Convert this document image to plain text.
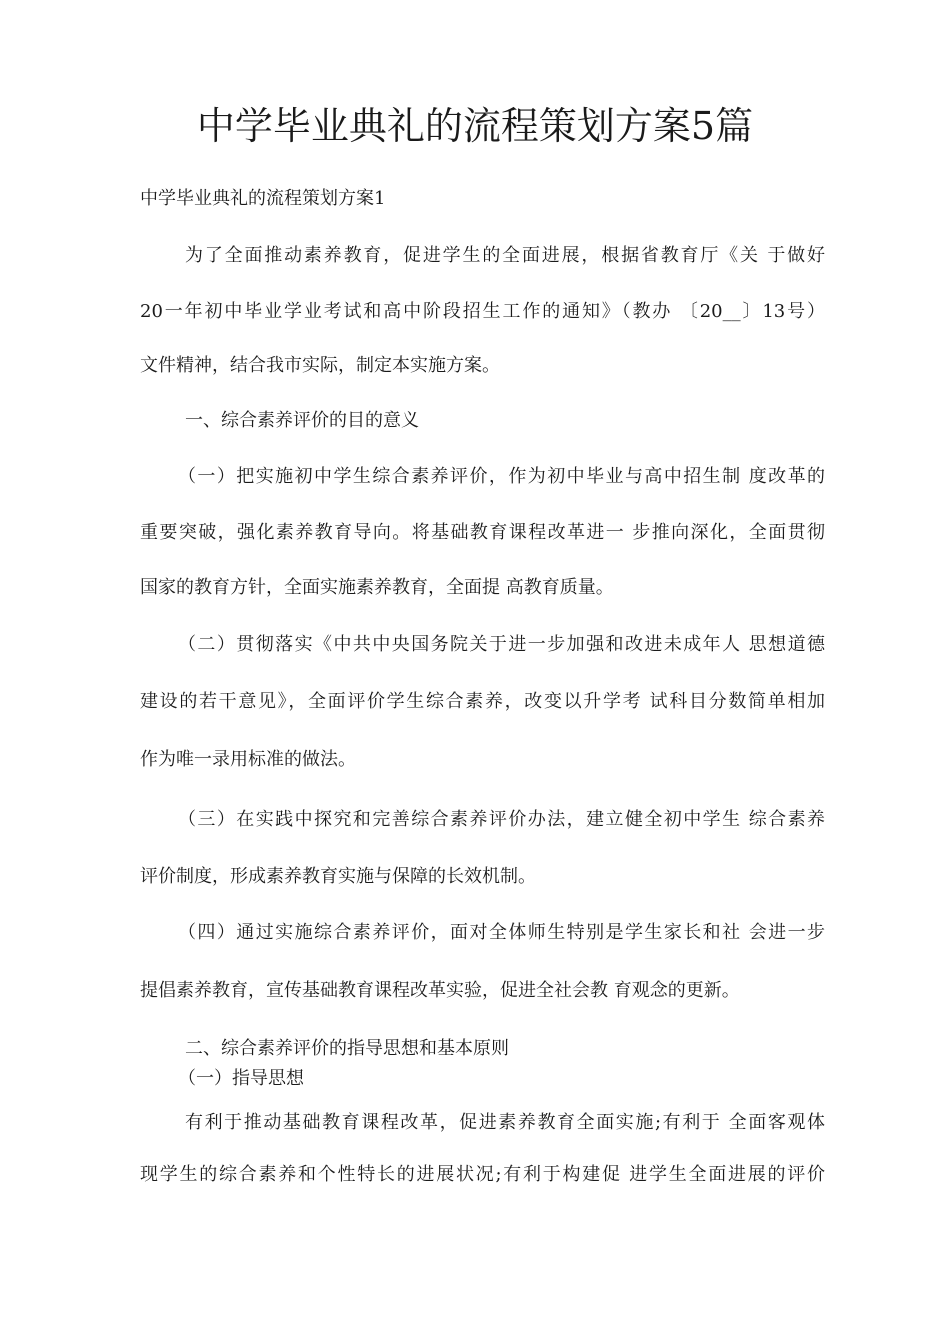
中学毕业典礼的流程策划方案5篇
中学毕业典礼的流程策划方案1
为了全面推动素养教育，促进学生的全面进展，根据省教育厅《关 于做好
20一年初中毕业学业考试和高中阶段招生工作的通知》（教办 〔20__〕13号）
文件精神，结合我市实际，制定本实施方案。
一、综合素养评价的目的意义
（一）把实施初中学生综合素养评价，作为初中毕业与高中招生制 度改革的
重要突破，强化素养教育导向。将基础教育课程改革进一 步推向深化，全面贯彻
国家的教育方针，全面实施素养教育，全面提 高教育质量。
（二）贯彻落实《中共中央国务院关于进一步加强和改进未成年人 思想道德
建设的若干意见》，全面评价学生综合素养，改变以升学考 试科目分数简单相加
作为唯一录用标准的做法。
（三）在实践中探究和完善综合素养评价办法，建立健全初中学生 综合素养
评价制度，形成素养教育实施与保障的长效机制。
（四）通过实施综合素养评价，面对全体师生特别是学生家长和社 会进一步
提倡素养教育，宣传基础教育课程改革实验，促进全社会教 育观念的更新。
二、综合素养评价的指导思想和基本原则
（一）指导思想
有利于推动基础教育课程改革，促进素养教育全面实施;有利于 全面客观体
现学生的综合素养和个性特长的进展状况;有利于构建促 进学生全面进展的评价
